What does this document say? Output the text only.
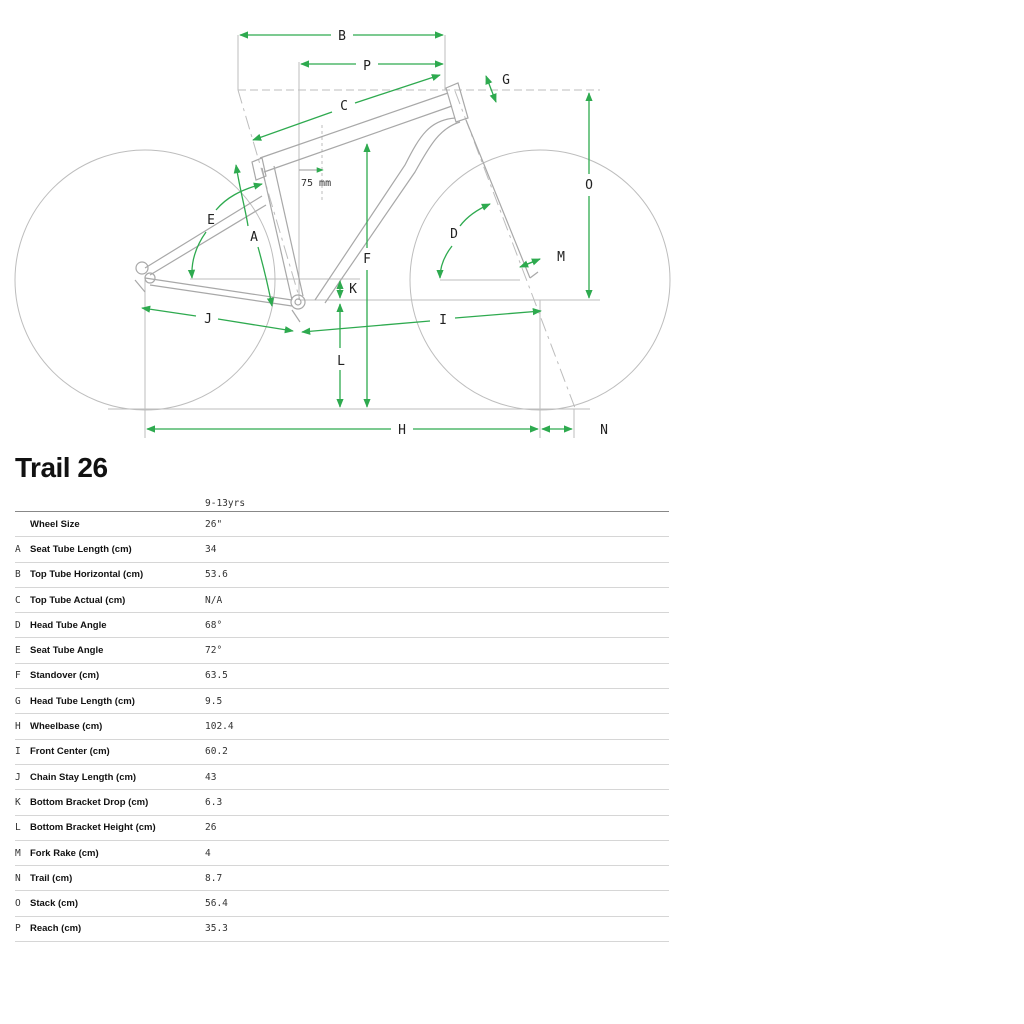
B
P
C
G
O
E
A	D
F	M
K
J	I
L
H	N
75 mm
Trail 26
		9-13yrs
	Wheel Size	26"
A	Seat Tube Length (cm)	34
B	Top Tube Horizontal (cm)	53.6
C	Top Tube Actual (cm)	N/A
D	Head Tube Angle	68°
E	Seat Tube Angle	72°
F	Standover (cm)	63.5
G	Head Tube Length (cm)	9.5
H	Wheelbase (cm)	102.4
I	Front Center (cm)	60.2
J	Chain Stay Length (cm)	43
K	Bottom Bracket Drop (cm)	6.3
L	Bottom Bracket Height (cm)	26
M	Fork Rake (cm)	4
N	Trail (cm)	8.7
O	Stack (cm)	56.4
P	Reach (cm)	35.3
